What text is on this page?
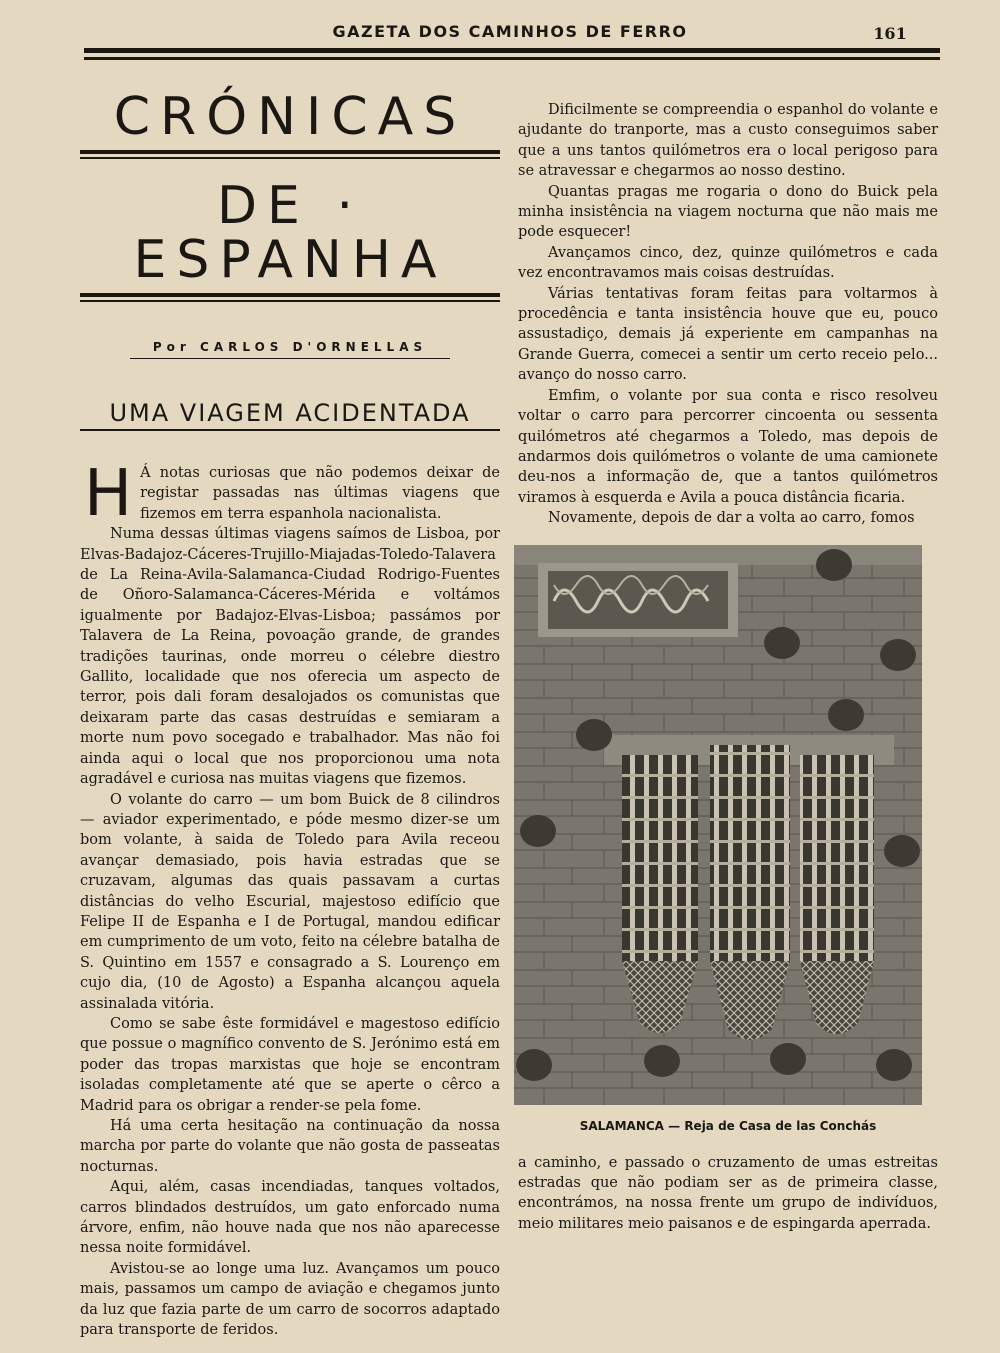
GAZETA DOS CAMINHOS DE FERRO	161
CRÓNICAS
DE · ESPANHA
Por CARLOS D'ORNELLAS
UMA VIAGEM ACIDENTADA

H Á notas curiosas que não podemos deixar de registar passadas nas últimas viagens que fizemos em terra espanhola nacionalista.

Numa dessas últimas viagens saímos de Lisboa, por Elvas-Badajoz-Cáceres-Trujillo-Miajadas-Toledo-Talavera de La Reina-Avila-Salamanca-Ciudad Rodrigo-Fuentes de Oñoro-Salamanca-Cáceres-Mérida e voltámos igualmente por Badajoz-Elvas-Lisboa; passámos por Talavera de La Reina, povoação grande, de grandes tradições taurinas, onde morreu o célebre diestro Gallito, localidade que nos oferecia um aspecto de terror, pois dali foram desalojados os comunistas que deixaram parte das casas destruídas e semiaram a morte num povo socegado e trabalhador. Mas não foi ainda aqui o local que nos proporcionou uma nota agradável e curiosa nas muitas viagens que fizemos.

O volante do carro — um bom Buick de 8 cilindros — aviador experimentado, e póde mesmo dizer-se um bom volante, à saida de Toledo para Avila receou avançar demasiado, pois havia estradas que se cruzavam, algumas das quais passavam a curtas distâncias do velho Escurial, majestoso edifício que Felipe II de Espanha e I de Portugal, mandou edificar em cumprimento de um voto, feito na célebre batalha de S. Quintino em 1557 e consagrado a S. Lourenço em cujo dia, (10 de Agosto) a Espanha alcançou aquela assinalada vitória.

Como se sabe êste formidável e magestoso edifício que possue o magnífico convento de S. Jerónimo está em poder das tropas marxistas que hoje se encontram isoladas completamente até que se aperte o cêrco a Madrid para os obrigar a render-se pela fome.

Há uma certa hesitação na continuação da nossa marcha por parte do volante que não gosta de passeatas nocturnas.

Aqui, além, casas incendiadas, tanques voltados, carros blindados destruídos, um gato enforcado numa árvore, enfim, não houve nada que nos não aparecesse nessa noite formidável.

Avistou-se ao longe uma luz. Avançamos um pouco mais, passamos um campo de aviação e chegamos junto da luz que fazia parte de um carro de socorros adaptado para transporte de feridos.

Dificilmente se compreendia o espanhol do volante e ajudante do tranporte, mas a custo conseguimos saber que a uns tantos quilómetros era o local perigoso para se atravessar e chegarmos ao nosso destino.

Quantas pragas me rogaria o dono do Buick pela minha insistência na viagem nocturna que não mais me pode esquecer!

Avançamos cinco, dez, quinze quilómetros e cada vez encontravamos mais coisas destruídas.

Várias tentativas foram feitas para voltarmos à procedência e tanta insistência houve que eu, pouco assustadiço, demais já experiente em campanhas na Grande Guerra, comecei a sentir um certo receio pelo... avanço do nosso carro.

Emfim, o volante por sua conta e risco resolveu voltar o carro para percorrer cincoenta ou sessenta quilómetros até chegarmos a Toledo, mas depois de andarmos dois quilómetros o volante de uma camionete deu-nos a informação de, que a tantos quilómetros viramos à esquerda e Avila a pouca distância ficaria.

Novamente, depois de dar a volta ao carro, fomos

SALAMANCA — Reja de Casa de las Conchás

a caminho, e passado o cruzamento de umas estreitas estradas que não podiam ser as de primeira classe, encontrámos, na nossa frente um grupo de indivíduos, meio militares meio paisanos e de espingarda aperrada.
